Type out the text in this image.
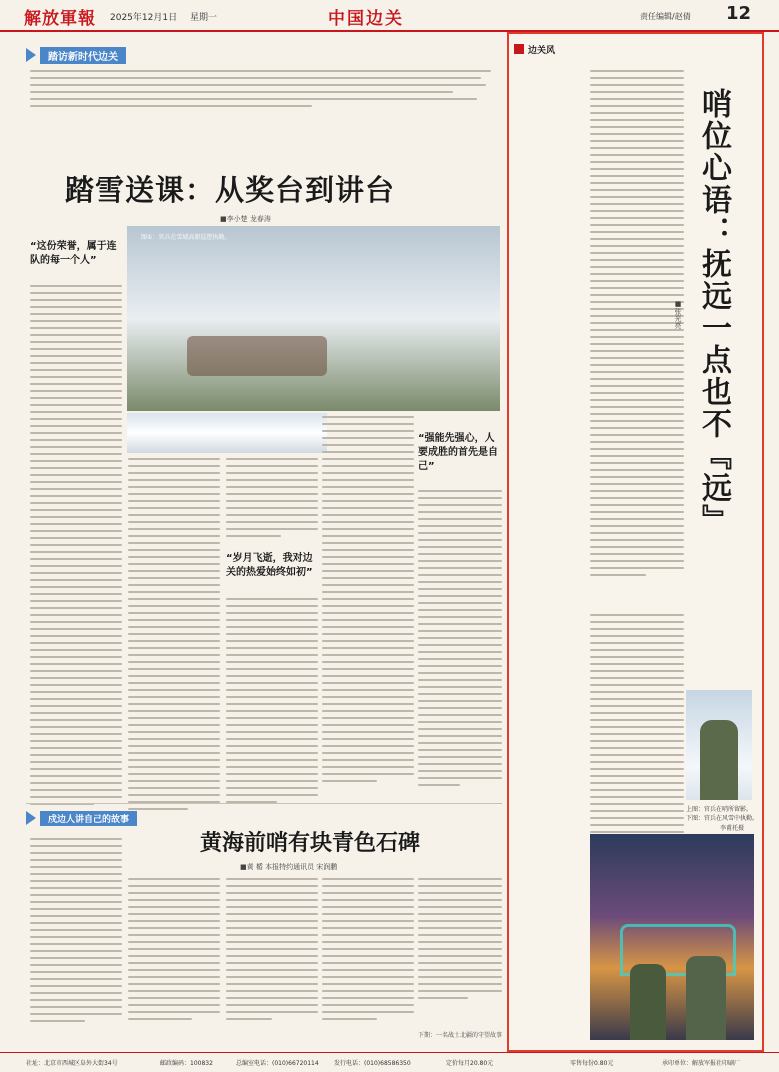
解放軍報 2025年12月1日 星期一	中国边关	责任编辑/赵倩 12
踏访新时代边关
踏雪送课：从奖台到讲台
■李小楚 龙春涛
图①：官兵在雪域高原巡逻执勤。
“这份荣誉，属于连队的每一个人”
“岁月飞逝，我对边关的热爱始终如初”
“强能先强心，人要成胜的首先是自己”
戍边人讲自己的故事
黄海前哨有块青色石碑
■黄 楯 本报特约通讯员 宋润鹏
下期：一名战士北疆的守望故事
边关风
哨位心语：抚远一点也不『远』
■张光亮
上图：官兵在哨所留影。
下图：官兵在风雪中执勤。
李甫托摄
社址：北京市西城区阜外大街34号	邮政编码：100832	总编室电话：(010)66720114	发行电话：(010)68586350	定价每月20.80元	零售每份0.80元	承印单位：解放军报社印刷厂
